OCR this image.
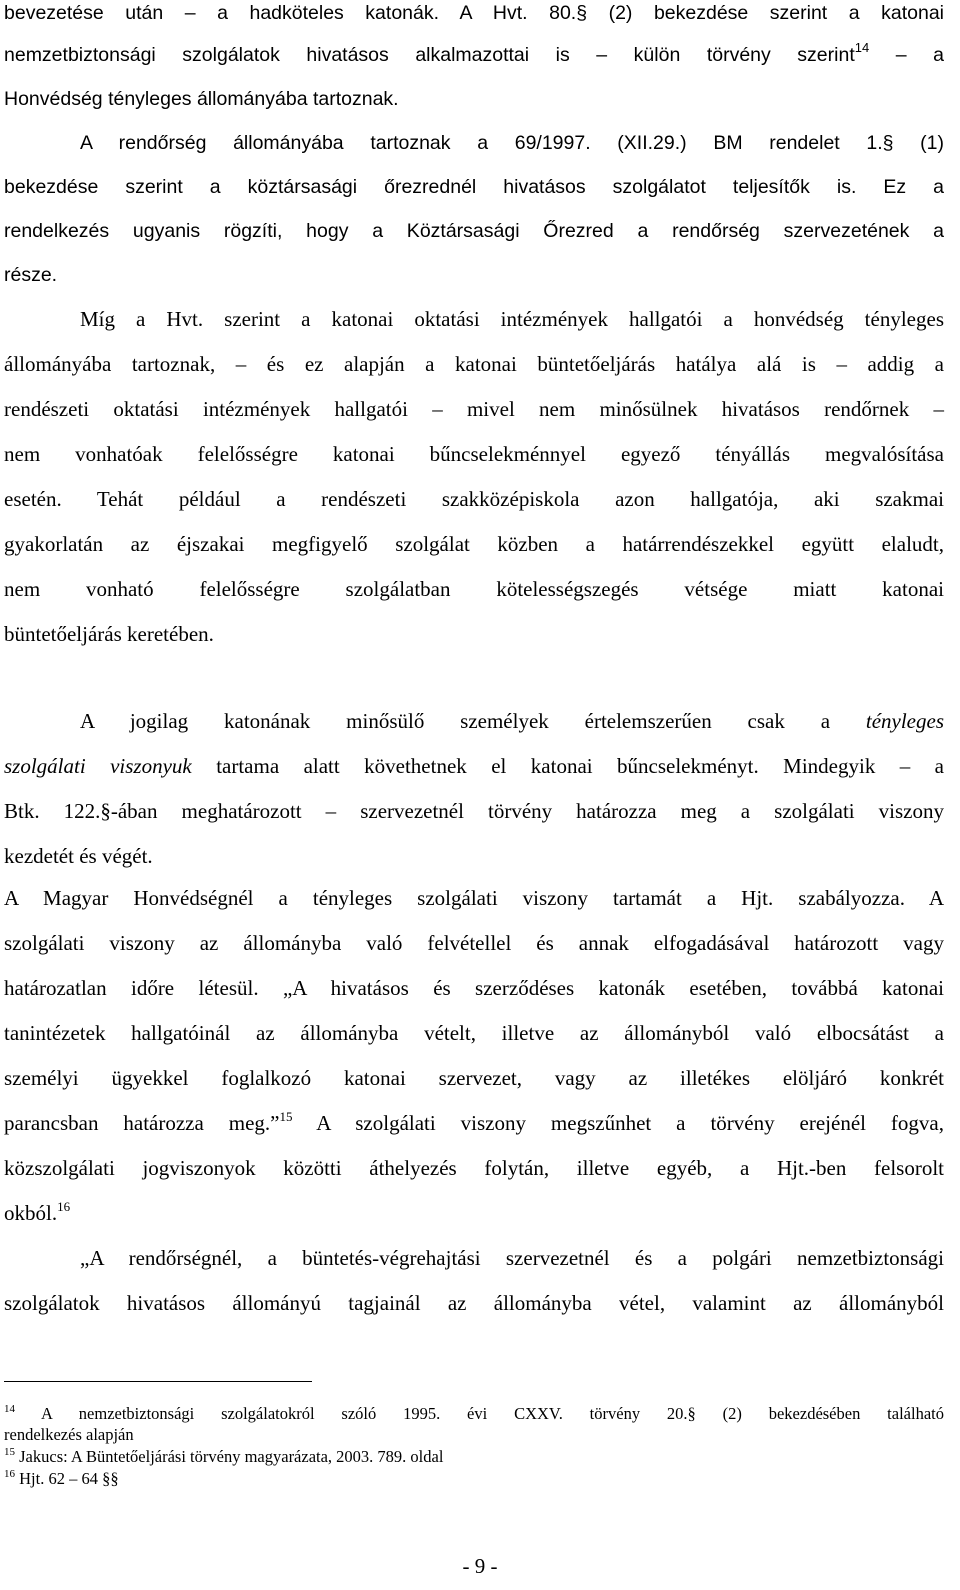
bevezetése után – a hadköteles katonák. A Hvt. 80.§ (2) bekezdése szerint a katonai

nemzetbiztonsági szolgálatok hivatásos alkalmazottai is – külön törvény szerint$^{14}$ – a

Honvédség tényleges állományába tartoznak.

A rendőrség állományába tartoznak a 69/1997. (XII.29.) BM rendelet 1.§ (1)

bekezdése szerint a köztársasági őrezrednél hivatásos szolgálatot teljesítők is. Ez a

rendelkezés ugyanis rögzíti, hogy a Köztársasági Őrezred a rendőrség szervezetének a

része.

Míg a Hvt. szerint a katonai oktatási intézmények hallgatói a honvédség tényleges

állományába tartoznak, – és ez alapján a katonai büntetőeljárás hatálya alá is – addig a

rendészeti oktatási intézmények hallgatói – mivel nem minősülnek hivatásos rendőrnek –

nem vonhatóak felelősségre katonai bűncselekménnyel egyező tényállás megvalósítása

esetén. Tehát például a rendészeti szakközépiskola azon hallgatója, aki szakmai

gyakorlatán az éjszakai megfigyelő szolgálat közben a határrendészekkel együtt elaludt,

nem vonható felelősségre szolgálatban kötelességszegés vétsége miatt katonai

büntetőeljárás keretében.

A jogilag katonának minősülő személyek értelemszerűen csak a tényleges

szolgálati viszonyuk tartama alatt követhetnek el katonai bűncselekményt. Mindegyik – a

Btk. 122.§-ában meghatározott – szervezetnél törvény határozza meg a szolgálati viszony

kezdetét és végét.

A Magyar Honvédségnél a tényleges szolgálati viszony tartamát a Hjt. szabályozza. A

szolgálati viszony az állományba való felvétellel és annak elfogadásával határozott vagy

határozatlan időre létesül. „A hivatásos és szerződéses katonák esetében, továbbá katonai

tanintézetek hallgatóinál az állományba vételt, illetve az állományból való elbocsátást a

személyi ügyekkel foglalkozó katonai szervezet, vagy az illetékes elöljáró konkrét

parancsban határozza meg.”$^{15}$ A szolgálati viszony megszűnhet a törvény erejénél fogva,

közszolgálati jogviszonyok közötti áthelyezés folytán, illetve egyéb, a Hjt.-ben felsorolt

okból.$^{16}$

„A rendőrségnél, a büntetés-végrehajtási szervezetnél és a polgári nemzetbiztonsági

szolgálatok hivatásos állományú tagjainál az állományba vétel, valamint az állományból

$^{14}$ A nemzetbiztonsági szolgálatokról szóló 1995. évi CXXV. törvény 20.§ (2) bekezdésében található

rendelkezés alapján

$^{15}$ Jakucs: A Büntetőeljárási törvény magyarázata, 2003. 789. oldal

$^{16}$ Hjt. 62 – 64 §§

- 9 -
